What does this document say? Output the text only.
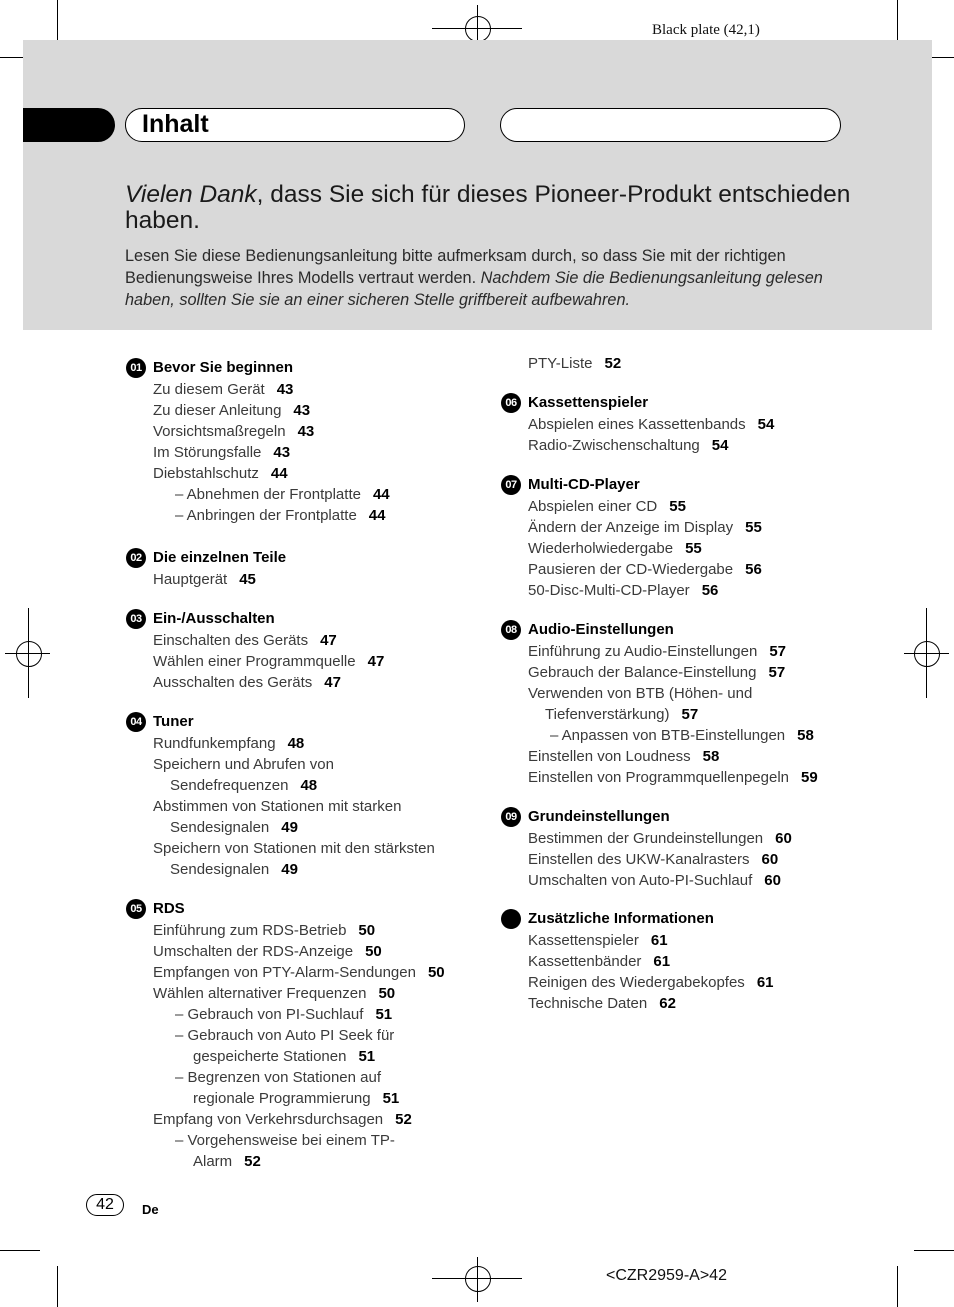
Black plate (42,1)
Inhalt
Vielen Dank, dass Sie sich für dieses Pioneer-Produkt entschieden haben.
Lesen Sie diese Bedienungsanleitung bitte aufmerksam durch, so dass Sie mit der richtigen Bedienungsweise Ihres Modells vertraut werden. Nachdem Sie die Bedienungsanleitung gelesen haben, sollten Sie sie an einer sicheren Stelle griffbereit aufbewahren.
01 Bevor Sie beginnen
Zu diesem Gerät 43
Zu dieser Anleitung 43
Vorsichtsmaßregeln 43
Im Störungsfalle 43
Diebstahlschutz 44
– Abnehmen der Frontplatte 44
– Anbringen der Frontplatte 44
02 Die einzelnen Teile
Hauptgerät 45
03 Ein-/Ausschalten
Einschalten des Geräts 47
Wählen einer Programmquelle 47
Ausschalten des Geräts 47
04 Tuner
Rundfunkempfang 48
Speichern und Abrufen von
Sendefrequenzen 48
Abstimmen von Stationen mit starken
Sendesignalen 49
Speichern von Stationen mit den stärksten
Sendesignalen 49
05 RDS
Einführung zum RDS-Betrieb 50
Umschalten der RDS-Anzeige 50
Empfangen von PTY-Alarm-Sendungen 50
Wählen alternativer Frequenzen 50
– Gebrauch von PI-Suchlauf 51
– Gebrauch von Auto PI Seek für
gespeicherte Stationen 51
– Begrenzen von Stationen auf
regionale Programmierung 51
Empfang von Verkehrsdurchsagen 52
– Vorgehensweise bei einem TP-
Alarm 52
PTY-Liste 52
06 Kassettenspieler
Abspielen eines Kassettenbands 54
Radio-Zwischenschaltung 54
07 Multi-CD-Player
Abspielen einer CD 55
Ändern der Anzeige im Display 55
Wiederholwiedergabe 55
Pausieren der CD-Wiedergabe 56
50-Disc-Multi-CD-Player 56
08 Audio-Einstellungen
Einführung zu Audio-Einstellungen 57
Gebrauch der Balance-Einstellung 57
Verwenden von BTB (Höhen- und
Tiefenverstärkung) 57
– Anpassen von BTB-Einstellungen 58
Einstellen von Loudness 58
Einstellen von Programmquellenpegeln 59
09 Grundeinstellungen
Bestimmen der Grundeinstellungen 60
Einstellen des UKW-Kanalrasters 60
Umschalten von Auto-PI-Suchlauf 60
Zusätzliche Informationen
Kassettenspieler 61
Kassettenbänder 61
Reinigen des Wiedergabekopfes 61
Technische Daten 62
42	De
<CZR2959-A>42
